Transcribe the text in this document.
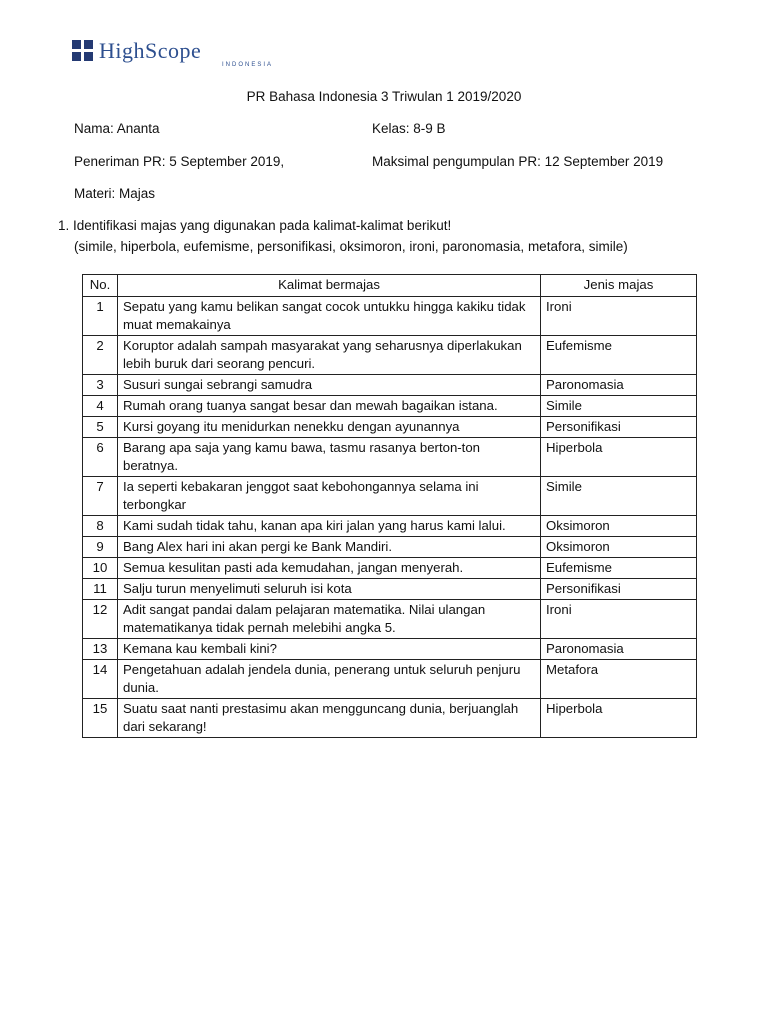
HighScope
INDONESIA
PR Bahasa Indonesia 3 Triwulan 1 2019/2020
Nama: Ananta	Kelas: 8-9 B
Peneriman PR: 5 September 2019,	Maksimal pengumpulan PR: 12 September 2019
Materi: Majas
1. Identifikasi majas yang digunakan pada kalimat-kalimat berikut!
(simile, hiperbola, eufemisme, personifikasi, oksimoron, ironi, paronomasia, metafora, simile)
No.	Kalimat bermajas	Jenis majas
1	Sepatu yang kamu belikan sangat cocok untukku hingga kakiku tidak muat memakainya	Ironi
2	Koruptor adalah sampah masyarakat yang seharusnya diperlakukan lebih buruk dari seorang pencuri.	Eufemisme
3	Susuri sungai sebrangi samudra	Paronomasia
4	Rumah orang tuanya sangat besar dan mewah bagaikan istana.	Simile
5	Kursi goyang itu menidurkan nenekku dengan ayunannya	Personifikasi
6	Barang apa saja yang kamu bawa, tasmu rasanya berton-ton beratnya.	Hiperbola
7	Ia seperti kebakaran jenggot saat kebohongannya selama ini terbongkar	Simile
8	Kami sudah tidak tahu, kanan apa kiri jalan yang harus kami lalui.	Oksimoron
9	Bang Alex hari ini akan pergi ke Bank Mandiri.	Oksimoron
10	Semua kesulitan pasti ada kemudahan, jangan menyerah.	Eufemisme
11	Salju turun menyelimuti seluruh isi kota	Personifikasi
12	Adit sangat pandai dalam pelajaran matematika. Nilai ulangan matematikanya tidak pernah melebihi angka 5.	Ironi
13	Kemana kau kembali kini?	Paronomasia
14	Pengetahuan adalah jendela dunia, penerang untuk seluruh penjuru dunia.	Metafora
15	Suatu saat nanti prestasimu akan mengguncang dunia, berjuanglah dari sekarang!	Hiperbola
